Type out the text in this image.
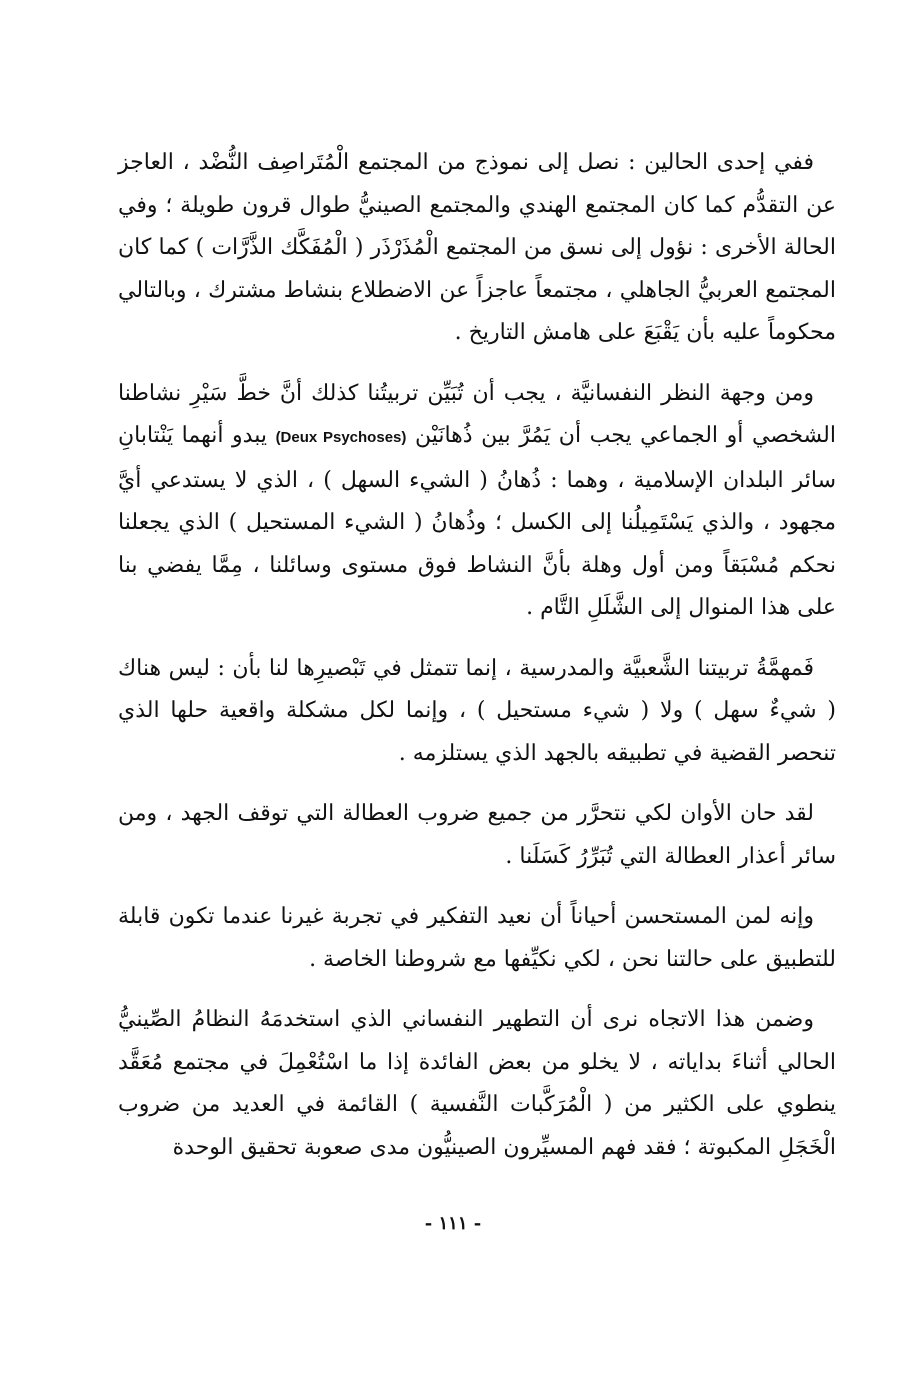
ففي إحدى الحالين : نصل إلى نموذج من المجتمع الْمُتَراصِف النُّضْد ، العاجز عن التقدُّم كما كان المجتمع الهندي والمجتمع الصينيُّ طوال قرون طويلة ؛ وفي الحالة الأخرى : نؤول إلى نسق من المجتمع الْمُذَرْذَر ( الْمُفَكَّك الذَّرَّات ) كما كان المجتمع العربيُّ الجاهلي ، مجتمعاً عاجزاً عن الاضطلاع بنشاط مشترك ، وبالتالي محكوماً عليه بأن يَقْبَعَ على هامش التاريخ .

ومن وجهة النظر النفسانيَّة ، يجب أن تُبَيِّن تربيتُنا كذلك أنَّ خطَّ سَيْرِ نشاطنا الشخصي أو الجماعي يجب أن يَمُرَّ بين ذُهانَيْن (Deux Psychoses) يبدو أنهما يَنْتابانِ سائر البلدان الإسلامية ، وهما : ذُهانُ ( الشيء السهل ) ، الذي لا يستدعي أيَّ مجهود ، والذي يَسْتَمِيلُنا إلى الكسل ؛ وذُهانُ ( الشيء المستحيل ) الذي يجعلنا نحكم مُسْبَقاً ومن أول وهلة بأنَّ النشاط فوق مستوى وسائلنا ، مِمَّا يفضي بنا على هذا المنوال إلى الشَّلَلِ التَّام .

فَمهمَّةُ تربيتنا الشَّعبيَّة والمدرسية ، إنما تتمثل في تَبْصيرِها لنا بأن : ليس هناك ( شيءٌ سهل ) ولا ( شيء مستحيل ) ، وإنما لكل مشكلة واقعية حلها الذي تنحصر القضية في تطبيقه بالجهد الذي يستلزمه .

لقد حان الأوان لكي نتحرَّر من جميع ضروب العطالة التي توقف الجهد ، ومن سائر أعذار العطالة التي تُبَرِّرُ كَسَلَنا .

وإنه لمن المستحسن أحياناً أن نعيد التفكير في تجربة غيرنا عندما تكون قابلة للتطبيق على حالتنا نحن ، لكي نكيِّفها مع شروطنا الخاصة .

وضمن هذا الاتجاه نرى أن التطهير النفساني الذي استخدمَهُ النظامُ الصِّينيُّ الحالي أثناءَ بداياته ، لا يخلو من بعض الفائدة إذا ما اسْتُعْمِلَ في مجتمع مُعَقَّد ينطوي على الكثير من ( الْمُرَكَّبات النَّفسية ) القائمة في العديد من ضروب الْخَجَلِ المكبوتة ؛ فقد فهم المسيِّرون الصينيُّون مدى صعوبة تحقيق الوحدة

- ١١١ -
